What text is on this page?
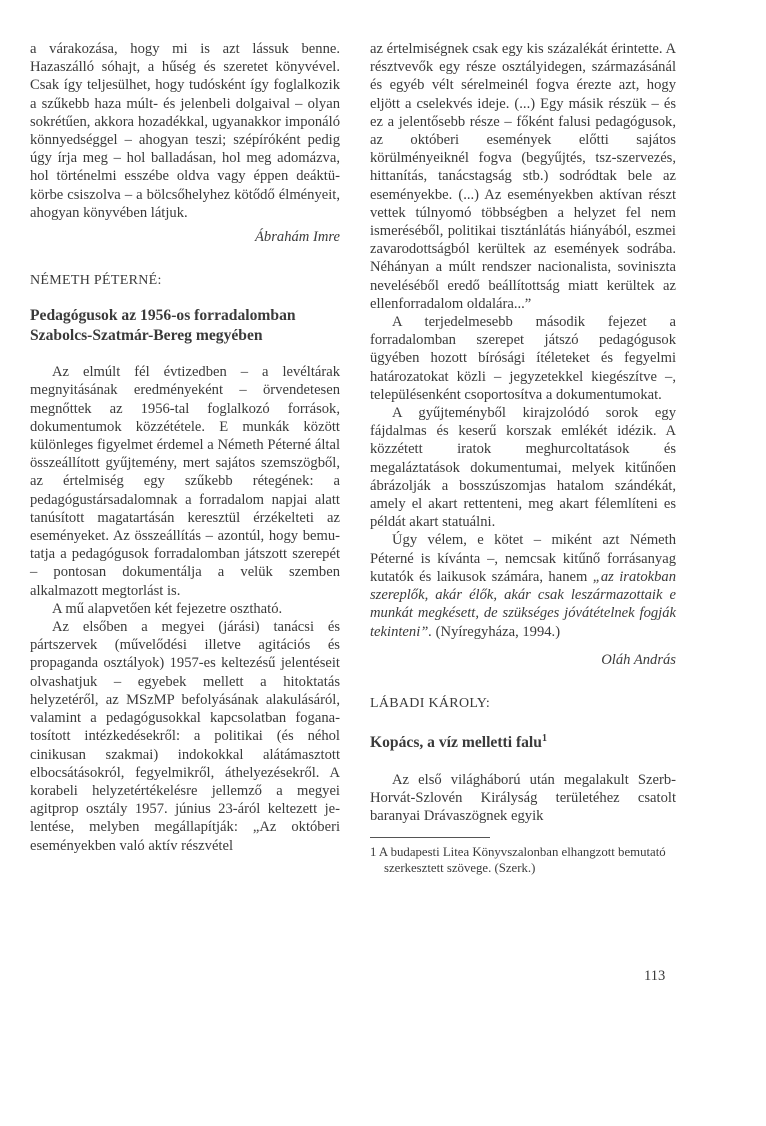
a várakozása, hogy mi is azt lássuk benne. Hazaszálló sóhajt, a hűség és szeretet könyvével. Csak így teljesülhet, hogy tudósként így foglalkozik a szűkebb haza múlt- és jelenbeli dolgaival – olyan sokrétűen, akkora hozadékkal, ugyanakkor imponáló könnyedséggel – ahogyan teszi; szépíróként pedig úgy írja meg – hol balladásan, hol meg adomázva, hol történelmi esszébe oldva vagy éppen deáktükörbe csiszolva – a bölcsőhelyhez kötődő élményeit, ahogyan könyvében látjuk.

Ábrahám Imre
NÉMETH PÉTERNÉ:
Pedagógusok az 1956-os forradalomban Szabolcs-Szatmár-Bereg megyében

Az elmúlt fél évtizedben – a levéltárak megnyitásának eredményeként – örvendetesen megnőttek az 1956-tal foglalkozó források, dokumentumok közzététele. E munkák között különleges figyelmet érdemel a Németh Péterné által összeállított gyűjtemény, mert sajátos szemszögből, az értelmiség egy szűkebb rétegének: a pedagógustársadalomnak a forradalom napjai alatt tanúsított magatartásán keresztül érzékelteti az eseményeket. Az összeállítás – azontúl, hogy bemutatja a pedagógusok forradalomban játszott szerepét – pontosan dokumentálja a velük szemben alkalmazott megtorlást is.

A mű alapvetően két fejezetre osztható.

Az elsőben a megyei (járási) tanácsi és pártszervek (művelődési illetve agitációs és propaganda osztályok) 1957-es keltezésű jelentéseit olvashatjuk – egyebek mellett a hitoktatás helyzetéről, az MSzMP befolyásának alakulásáról, valamint a pedagógusokkal kapcsolatban foganatosított intézkedésekről: a politikai (és néhol cinikusan szakmai) indokokkal alátámasztott elbocsátásokról, fegyelmikről, áthelyezésekről. A korabeli helyzetértékelésre jellemző a megyei agitprop osztály 1957. június 23-áról keltezett jelentése, melyben megállapítják: „Az októberi eseményekben való aktív részvétel

az értelmiségnek csak egy kis százalékát érintette. A résztvevők egy része osztályidegen, származásánál és egyéb vélt sérelmeinél fogva érezte azt, hogy eljött a cselekvés ideje. (...) Egy másik részük – és ez a jelentősebb része – főként falusi pedagógusok, az októberi események előtti sajátos körülményeiknél fogva (begyűjtés, tsz-szervezés, hittanítás, tanácstagság stb.) sodródtak bele az eseményekbe. (...) Az eseményekben aktívan részt vettek túlnyomó többségben a helyzet fel nem ismeréséből, politikai tisztánlátás hiányából, eszmei zavarodottságból kerültek az események sodrába. Néhányan a múlt rendszer nacionalista, soviniszta neveléséből eredő beállítottság miatt kerültek az ellenforradalom oldalára...”

A terjedelmesebb második fejezet a forradalomban szerepet játszó pedagógusok ügyében hozott bírósági ítéleteket és fegyelmi határozatokat közli – jegyzetekkel kiegészítve –, településenként csoportosítva a dokumentumokat.

A gyűjteményből kirajzolódó sorok egy fájdalmas és keserű korszak emlékét idézik. A közzétett iratok meghurcoltatások és megaláztatások dokumentumai, melyek kitűnően ábrázolják a bosszúszomjas hatalom szándékát, amely el akart rettenteni, meg akart félemlíteni es példát akart statuálni.

Úgy vélem, e kötet – miként azt Németh Péterné is kívánta –, nemcsak kitűnő forrásanyag kutatók és laikusok számára, hanem „az iratokban szereplők, akár élők, akár csak leszármazottaik e munkát megkésett, de szükséges jóvátételnek fogják tekinteni”. (Nyíregyháza, 1994.)

Oláh András
LÁBADI KÁROLY:
Kopács, a víz melletti falu$^1$

Az első világháború után megalakult Szerb-Horvát-Szlovén Királyság területéhez csatolt baranyai Drávaszögnek egyik

1 A budapesti Litea Könyvszalonban elhangzott bemutató szerkesztett szövege. (Szerk.)
113
